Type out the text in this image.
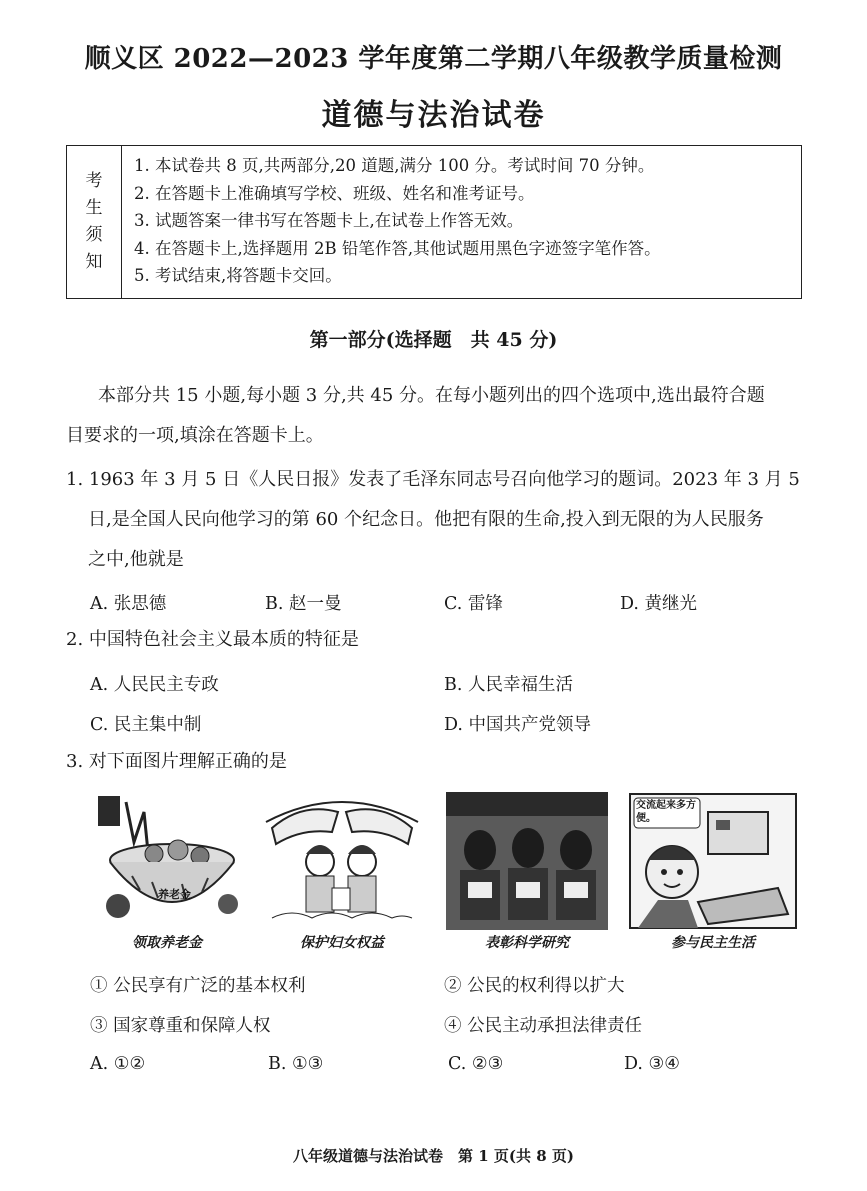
顺义区 2022—2023 学年度第二学期八年级教学质量检测
道德与法治试卷
考
生
须
知
1. 本试卷共 8 页,共两部分,20 道题,满分 100 分。考试时间 70 分钟。
2. 在答题卡上准确填写学校、班级、姓名和准考证号。
3. 试题答案一律书写在答题卡上,在试卷上作答无效。
4. 在答题卡上,选择题用 2B 铅笔作答,其他试题用黑色字迹签字笔作答。
5. 考试结束,将答题卡交回。
第一部分(选择题　共 45 分)
本部分共 15 小题,每小题 3 分,共 45 分。在每小题列出的四个选项中,选出最符合题
目要求的一项,填涂在答题卡上。
1. 1963 年 3 月 5 日《人民日报》发表了毛泽东同志号召向他学习的题词。2023 年 3 月 5
日,是全国人民向他学习的第 60 个纪念日。他把有限的生命,投入到无限的为人民服务
之中,他就是
A. 张思德	B. 赵一曼	C. 雷锋	D. 黄继光
2. 中国特色社会主义最本质的特征是
A. 人民民主专政	B. 人民幸福生活
C. 民主集中制	D. 中国共产党领导
3. 对下面图片理解正确的是
养老金
交流起来多方便。
领取养老金	保护妇女权益	表彰科学研究	参与民主生活
① 公民享有广泛的基本权利	② 公民的权利得以扩大
③ 国家尊重和保障人权	④ 公民主动承担法律责任
A. ①②	B. ①③	C. ②③	D. ③④
八年级道德与法治试卷　第 1 页(共 8 页)
